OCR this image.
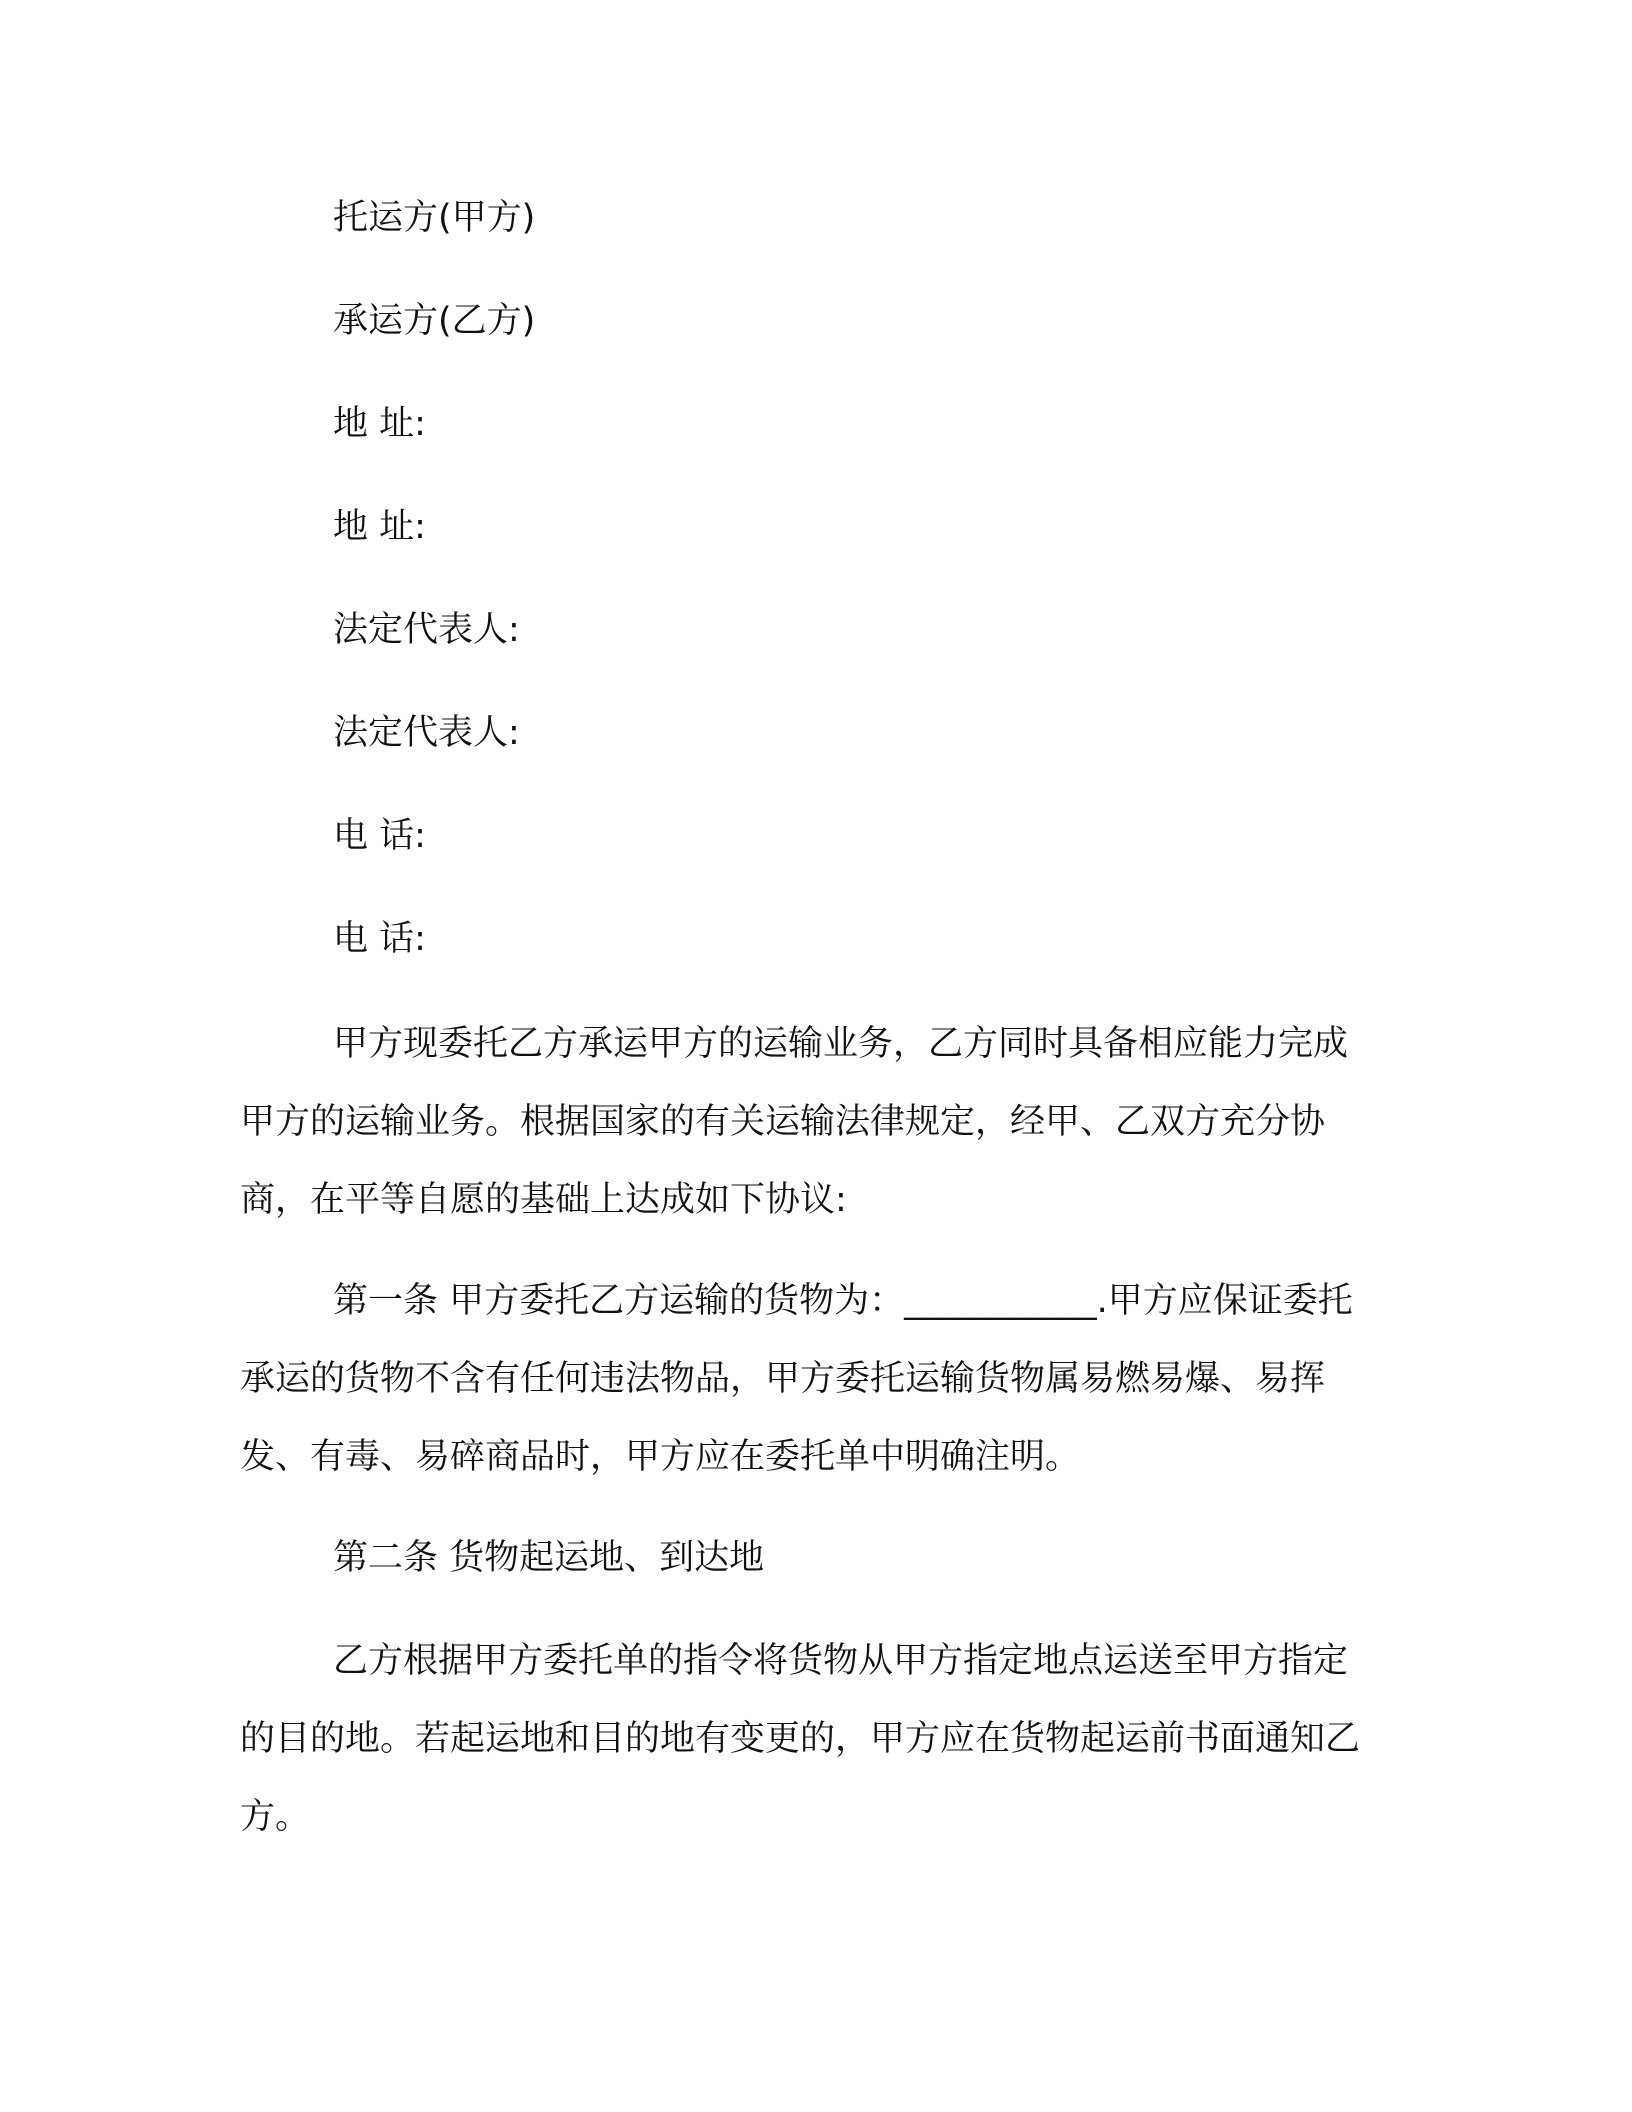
托运方(甲方)
承运方(乙方)
地 址:
地 址:
法定代表人:
法定代表人:
电 话:
电 话:

甲方现委托乙方承运甲方的运输业务，乙方同时具备相应能力完成甲方的运输业务。根据国家的有关运输法律规定，经甲、乙双方充分协商，在平等自愿的基础上达成如下协议:

第一条 甲方委托乙方运输的货物为：___________.甲方应保证委托承运的货物不含有任何违法物品，甲方委托运输货物属易燃易爆、易挥发、有毒、易碎商品时，甲方应在委托单中明确注明。

第二条 货物起运地、到达地

乙方根据甲方委托单的指令将货物从甲方指定地点运送至甲方指定的目的地。若起运地和目的地有变更的，甲方应在货物起运前书面通知乙方。
